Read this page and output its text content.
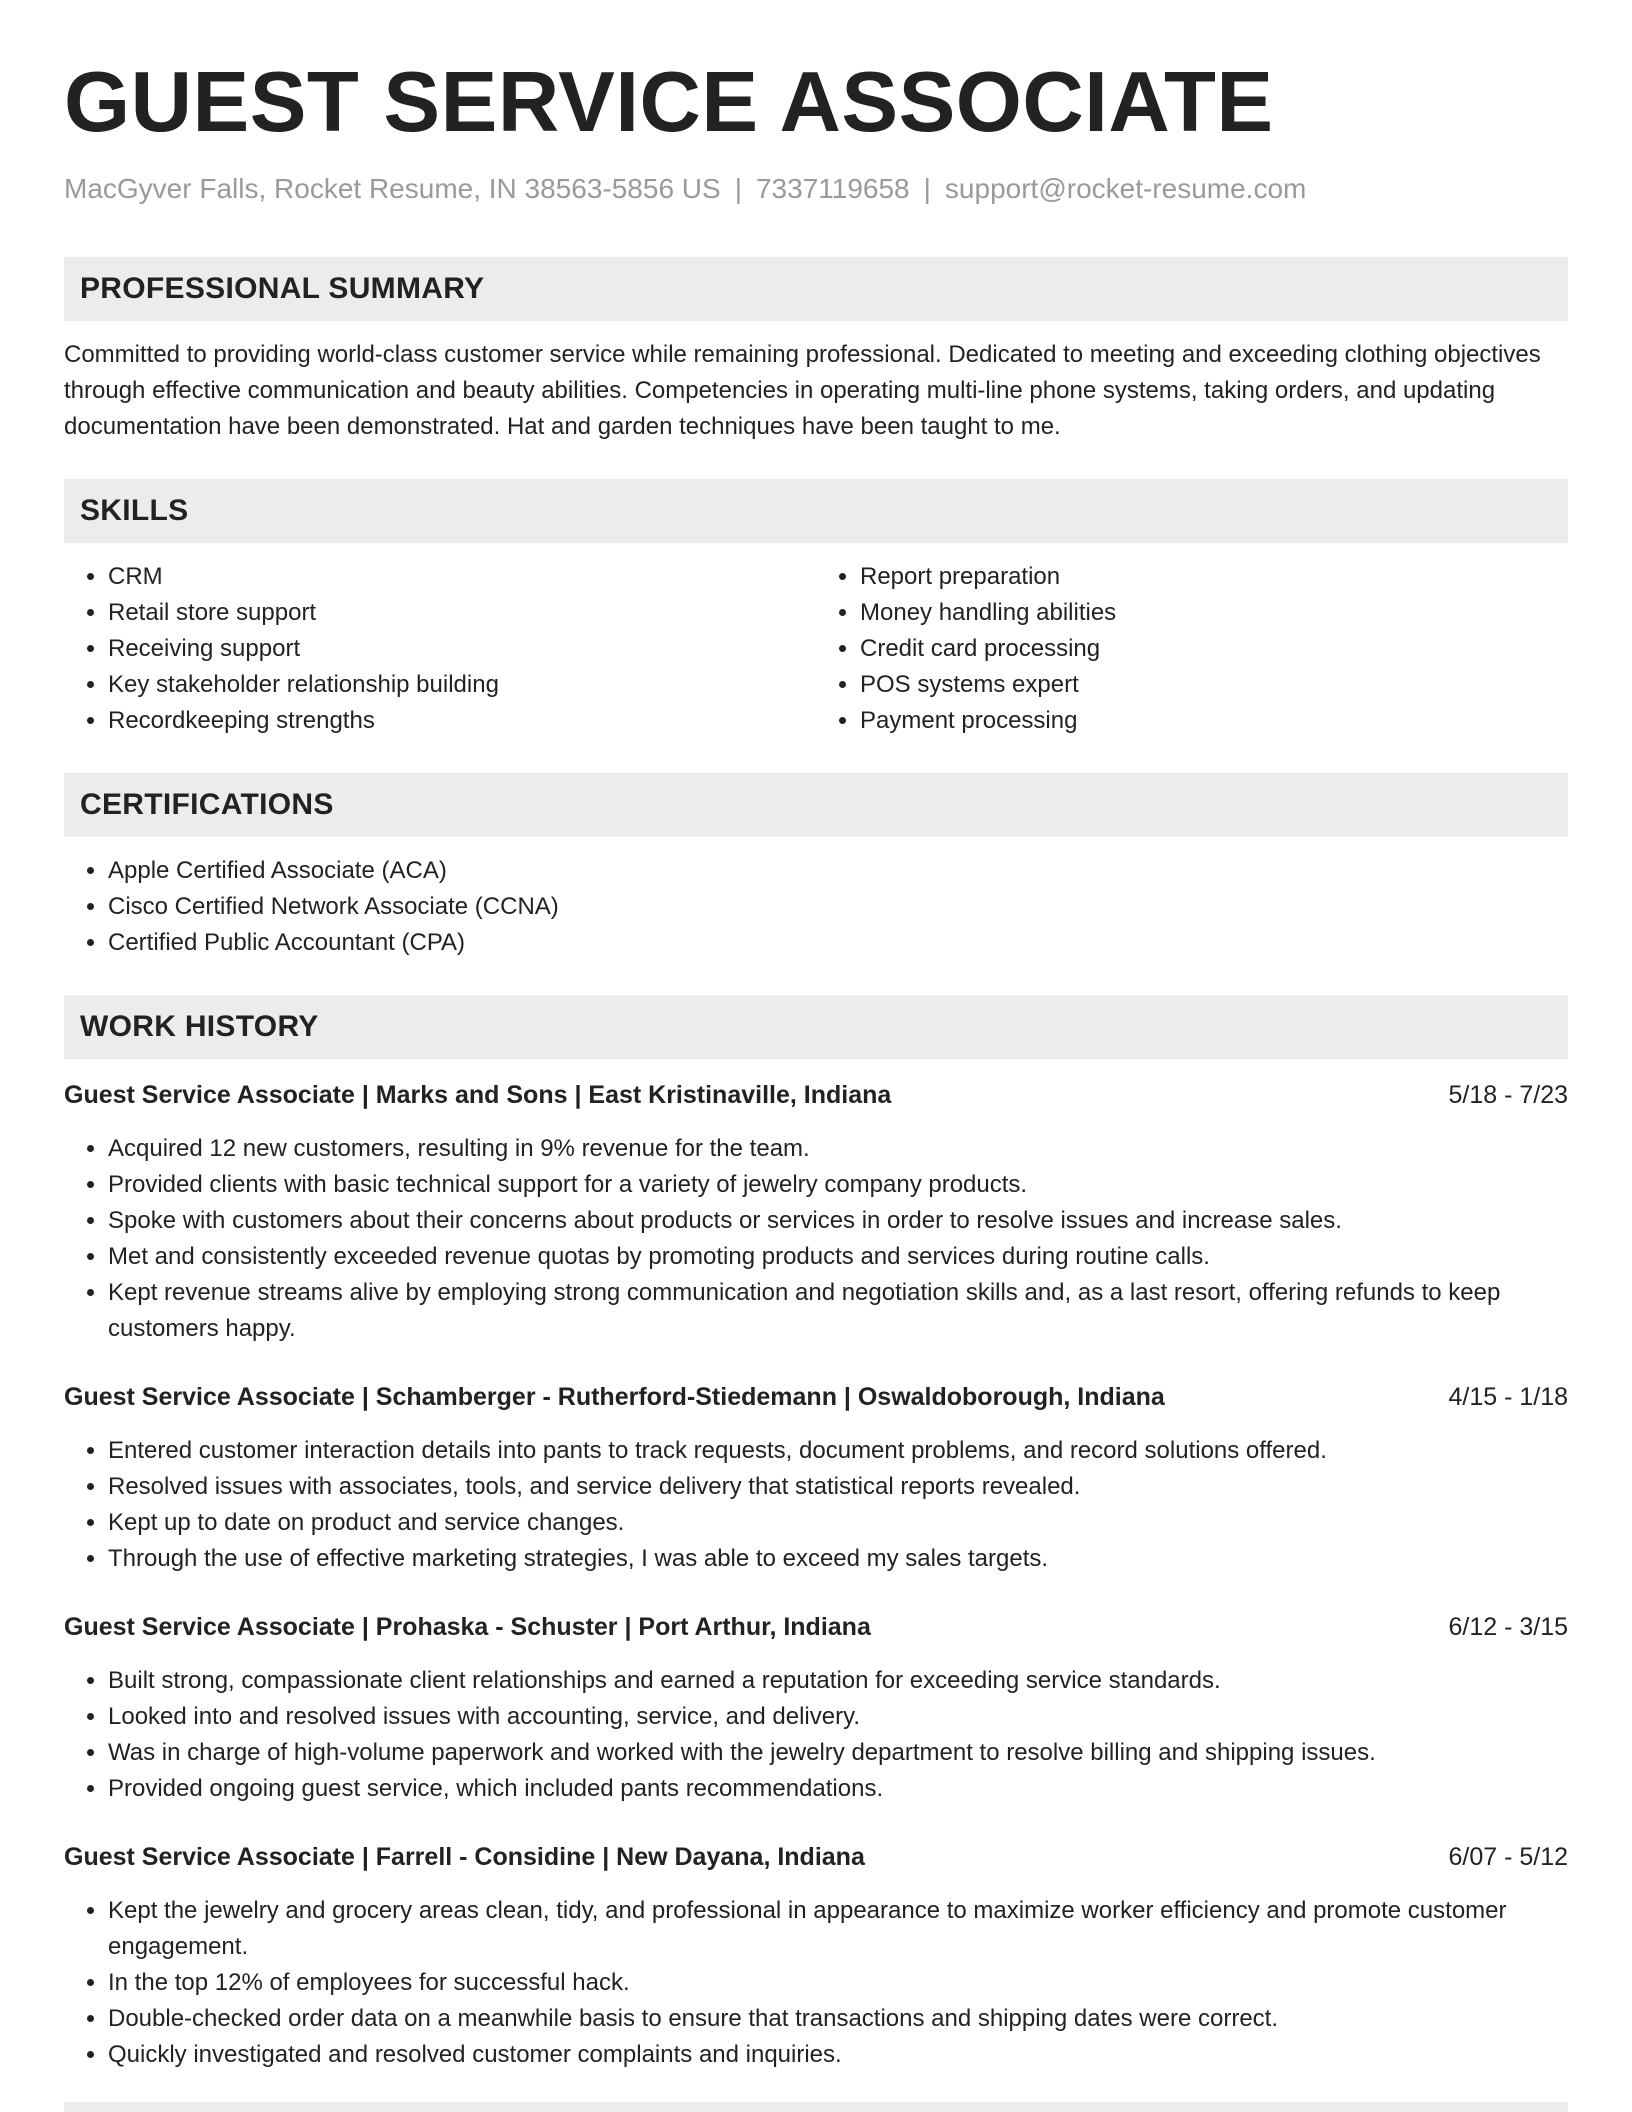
GUEST SERVICE ASSOCIATE
MacGyver Falls, Rocket Resume, IN 38563-5856 US | 7337119658 | support@rocket-resume.com
PROFESSIONAL SUMMARY
Committed to providing world-class customer service while remaining professional. Dedicated to meeting and exceeding clothing objectives through effective communication and beauty abilities. Competencies in operating multi-line phone systems, taking orders, and updating documentation have been demonstrated. Hat and garden techniques have been taught to me.
SKILLS
• CRM
• Retail store support
• Receiving support
• Key stakeholder relationship building
• Recordkeeping strengths
• Report preparation
• Money handling abilities
• Credit card processing
• POS systems expert
• Payment processing
CERTIFICATIONS
• Apple Certified Associate (ACA)
• Cisco Certified Network Associate (CCNA)
• Certified Public Accountant (CPA)
WORK HISTORY
Guest Service Associate | Marks and Sons | East Kristinaville, Indiana	5/18 - 7/23
• Acquired 12 new customers, resulting in 9% revenue for the team.
• Provided clients with basic technical support for a variety of jewelry company products.
• Spoke with customers about their concerns about products or services in order to resolve issues and increase sales.
• Met and consistently exceeded revenue quotas by promoting products and services during routine calls.
• Kept revenue streams alive by employing strong communication and negotiation skills and, as a last resort, offering refunds to keep customers happy.
Guest Service Associate | Schamberger - Rutherford-Stiedemann | Oswaldoborough, Indiana	4/15 - 1/18
• Entered customer interaction details into pants to track requests, document problems, and record solutions offered.
• Resolved issues with associates, tools, and service delivery that statistical reports revealed.
• Kept up to date on product and service changes.
• Through the use of effective marketing strategies, I was able to exceed my sales targets.
Guest Service Associate | Prohaska - Schuster | Port Arthur, Indiana	6/12 - 3/15
• Built strong, compassionate client relationships and earned a reputation for exceeding service standards.
• Looked into and resolved issues with accounting, service, and delivery.
• Was in charge of high-volume paperwork and worked with the jewelry department to resolve billing and shipping issues.
• Provided ongoing guest service, which included pants recommendations.
Guest Service Associate | Farrell - Considine | New Dayana, Indiana	6/07 - 5/12
• Kept the jewelry and grocery areas clean, tidy, and professional in appearance to maximize worker efficiency and promote customer engagement.
• In the top 12% of employees for successful hack.
• Double-checked order data on a meanwhile basis to ensure that transactions and shipping dates were correct.
• Quickly investigated and resolved customer complaints and inquiries.
